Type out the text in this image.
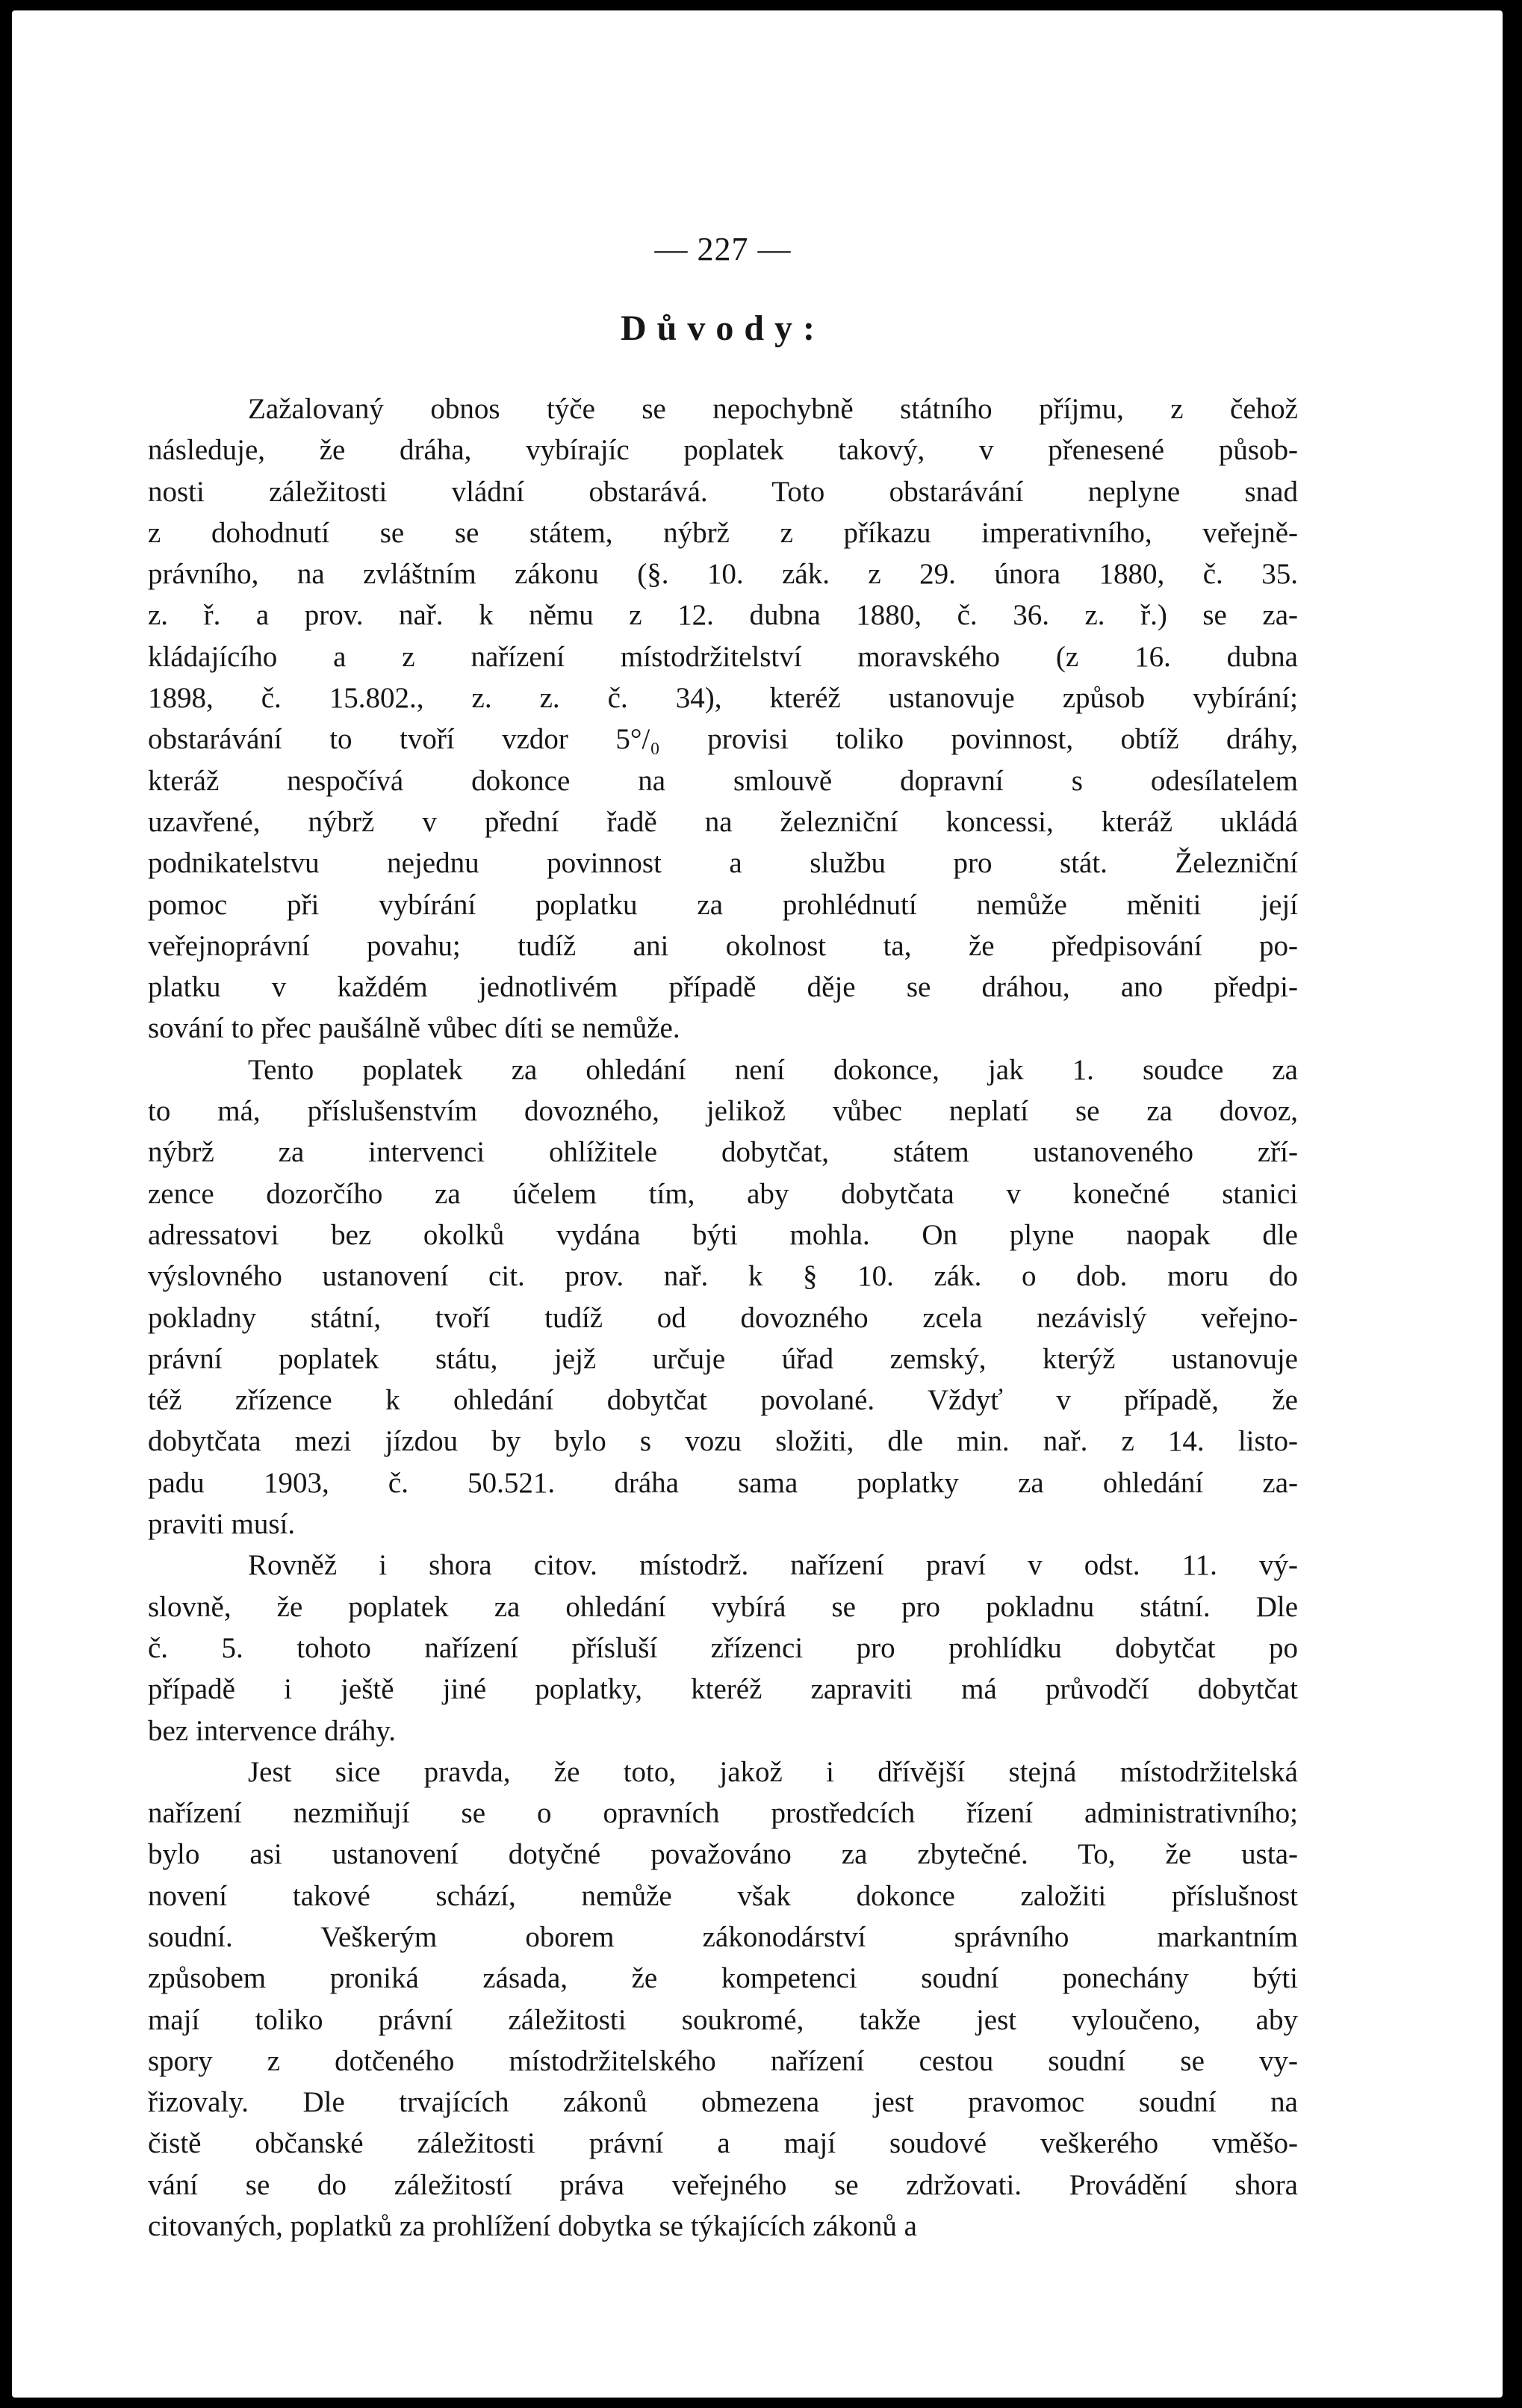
— 227 —
Důvody:
Zažalovaný obnos týče se nepochybně státního příjmu, z čehož
následuje, že dráha, vybírajíc poplatek takový, v přenesené působ-
nosti záležitosti vládní obstarává. Toto obstarávání neplyne snad
z dohodnutí se se státem, nýbrž z příkazu imperativního, veřejně-
právního, na zvláštním zákonu (§. 10. zák. z 29. února 1880, č. 35.
z. ř. a prov. nař. k němu z 12. dubna 1880, č. 36. z. ř.) se za-
kládajícího a z nařízení místodržitelství moravského (z 16. dubna
1898, č. 15.802., z. z. č. 34), kteréž ustanovuje způsob vybírání;
obstarávání to tvoří vzdor 5°/₀ provisi toliko povinnost, obtíž dráhy,
kteráž nespočívá dokonce na smlouvě dopravní s odesílatelem
uzavřené, nýbrž v přední řadě na železniční koncessi, kteráž ukládá
podnikatelstvu nejednu povinnost a službu pro stát. Železniční
pomoc při vybírání poplatku za prohlédnutí nemůže měniti její
veřejnoprávní povahu; tudíž ani okolnost ta, že předpisování po-
platku v každém jednotlivém případě děje se dráhou, ano předpi-
sování to přec paušálně vůbec díti se nemůže.
Tento poplatek za ohledání není dokonce, jak 1. soudce za
to má, příslušenstvím dovozného, jelikož vůbec neplatí se za dovoz,
nýbrž za intervenci ohlížitele dobytčat, státem ustanoveného zří-
zence dozorčího za účelem tím, aby dobytčata v konečné stanici
adressatovi bez okolků vydána býti mohla. On plyne naopak dle
výslovného ustanovení cit. prov. nař. k § 10. zák. o dob. moru do
pokladny státní, tvoří tudíž od dovozného zcela nezávislý veřejno-
právní poplatek státu, jejž určuje úřad zemský, kterýž ustanovuje
též zřízence k ohledání dobytčat povolané. Vždyť v případě, že
dobytčata mezi jízdou by bylo s vozu složiti, dle min. nař. z 14. listo-
padu 1903, č. 50.521. dráha sama poplatky za ohledání za-
praviti musí.
Rovněž i shora citov. místodrž. nařízení praví v odst. 11. vý-
slovně, že poplatek za ohledání vybírá se pro pokladnu státní. Dle
č. 5. tohoto nařízení přísluší zřízenci pro prohlídku dobytčat po
případě i ještě jiné poplatky, kteréž zapraviti má průvodčí dobytčat
bez intervence dráhy.
Jest sice pravda, že toto, jakož i dřívější stejná místodržitelská
nařízení nezmiňují se o opravních prostředcích řízení administrativního;
bylo asi ustanovení dotyčné považováno za zbytečné. To, že usta-
novení takové schází, nemůže však dokonce založiti příslušnost
soudní. Veškerým oborem zákonodárství správního markantním
způsobem proniká zásada, že kompetenci soudní ponechány býti
mají toliko právní záležitosti soukromé, takže jest vyloučeno, aby
spory z dotčeného místodržitelského nařízení cestou soudní se vy-
řizovaly. Dle trvajících zákonů obmezena jest pravomoc soudní na
čistě občanské záležitosti právní a mají soudové veškerého vměšo-
vání se do záležitostí práva veřejného se zdržovati. Provádění shora
citovaných, poplatků za prohlížení dobytka se týkajících zákonů a
